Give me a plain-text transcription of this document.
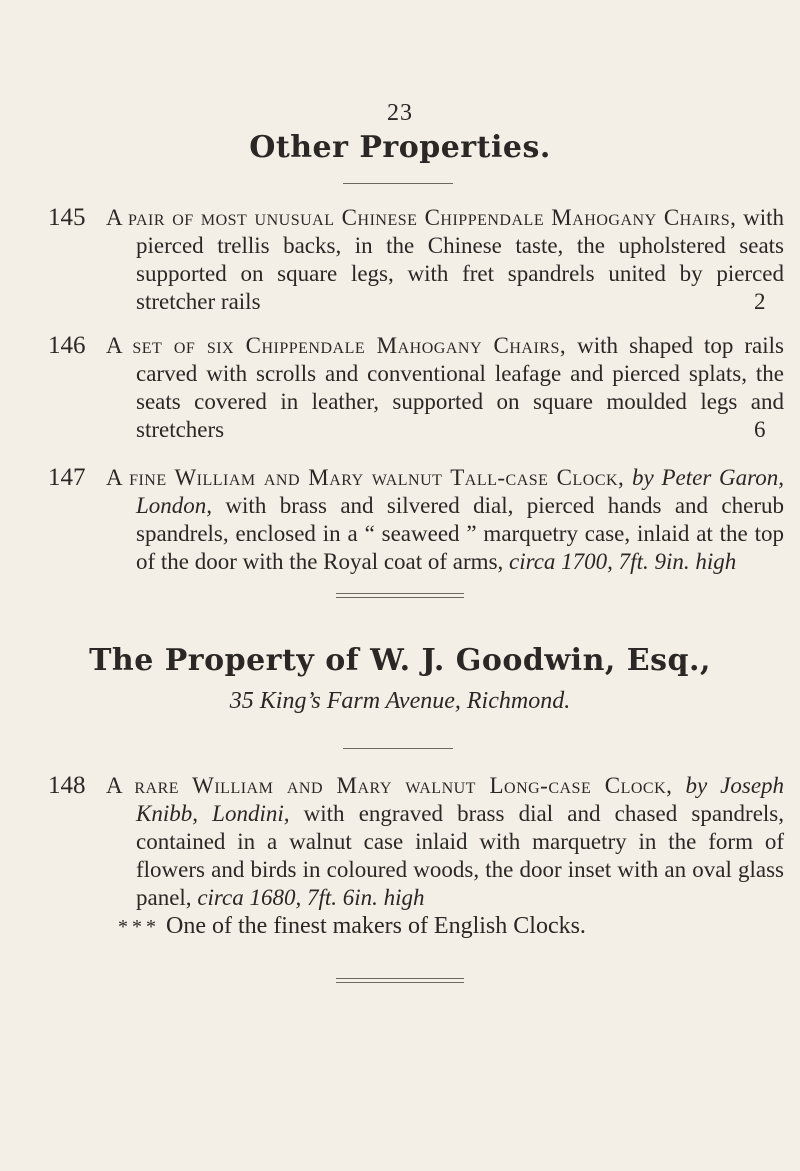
23
Other Properties.
145 A pair of most unusual Chinese Chippendale Mahogany Chairs, with pierced trellis backs, in the Chinese taste, the upholstered seats supported on square legs, with fret spandrels united by pierced stretcher rails	2
146 A set of six Chippendale Mahogany Chairs, with shaped top rails carved with scrolls and conventional leafage and pierced splats, the seats covered in leather, supported on square moulded legs and stretchers	6
147 A fine William and Mary walnut Tall-case Clock, by Peter Garon, London, with brass and silvered dial, pierced hands and cherub spandrels, enclosed in a “ seaweed ” marquetry case, inlaid at the top of the door with the Royal coat of arms, circa 1700, 7ft. 9in. high
The Property of W. J. Goodwin, Esq.,
35 King’s Farm Avenue, Richmond.
148 A rare William and Mary walnut Long-case Clock, by Joseph Knibb, Londini, with engraved brass dial and chased spandrels, contained in a walnut case inlaid with marquetry in the form of flowers and birds in coloured woods, the door inset with an oval glass panel, circa 1680, 7ft. 6in. high
* * * One of the finest makers of English Clocks.
